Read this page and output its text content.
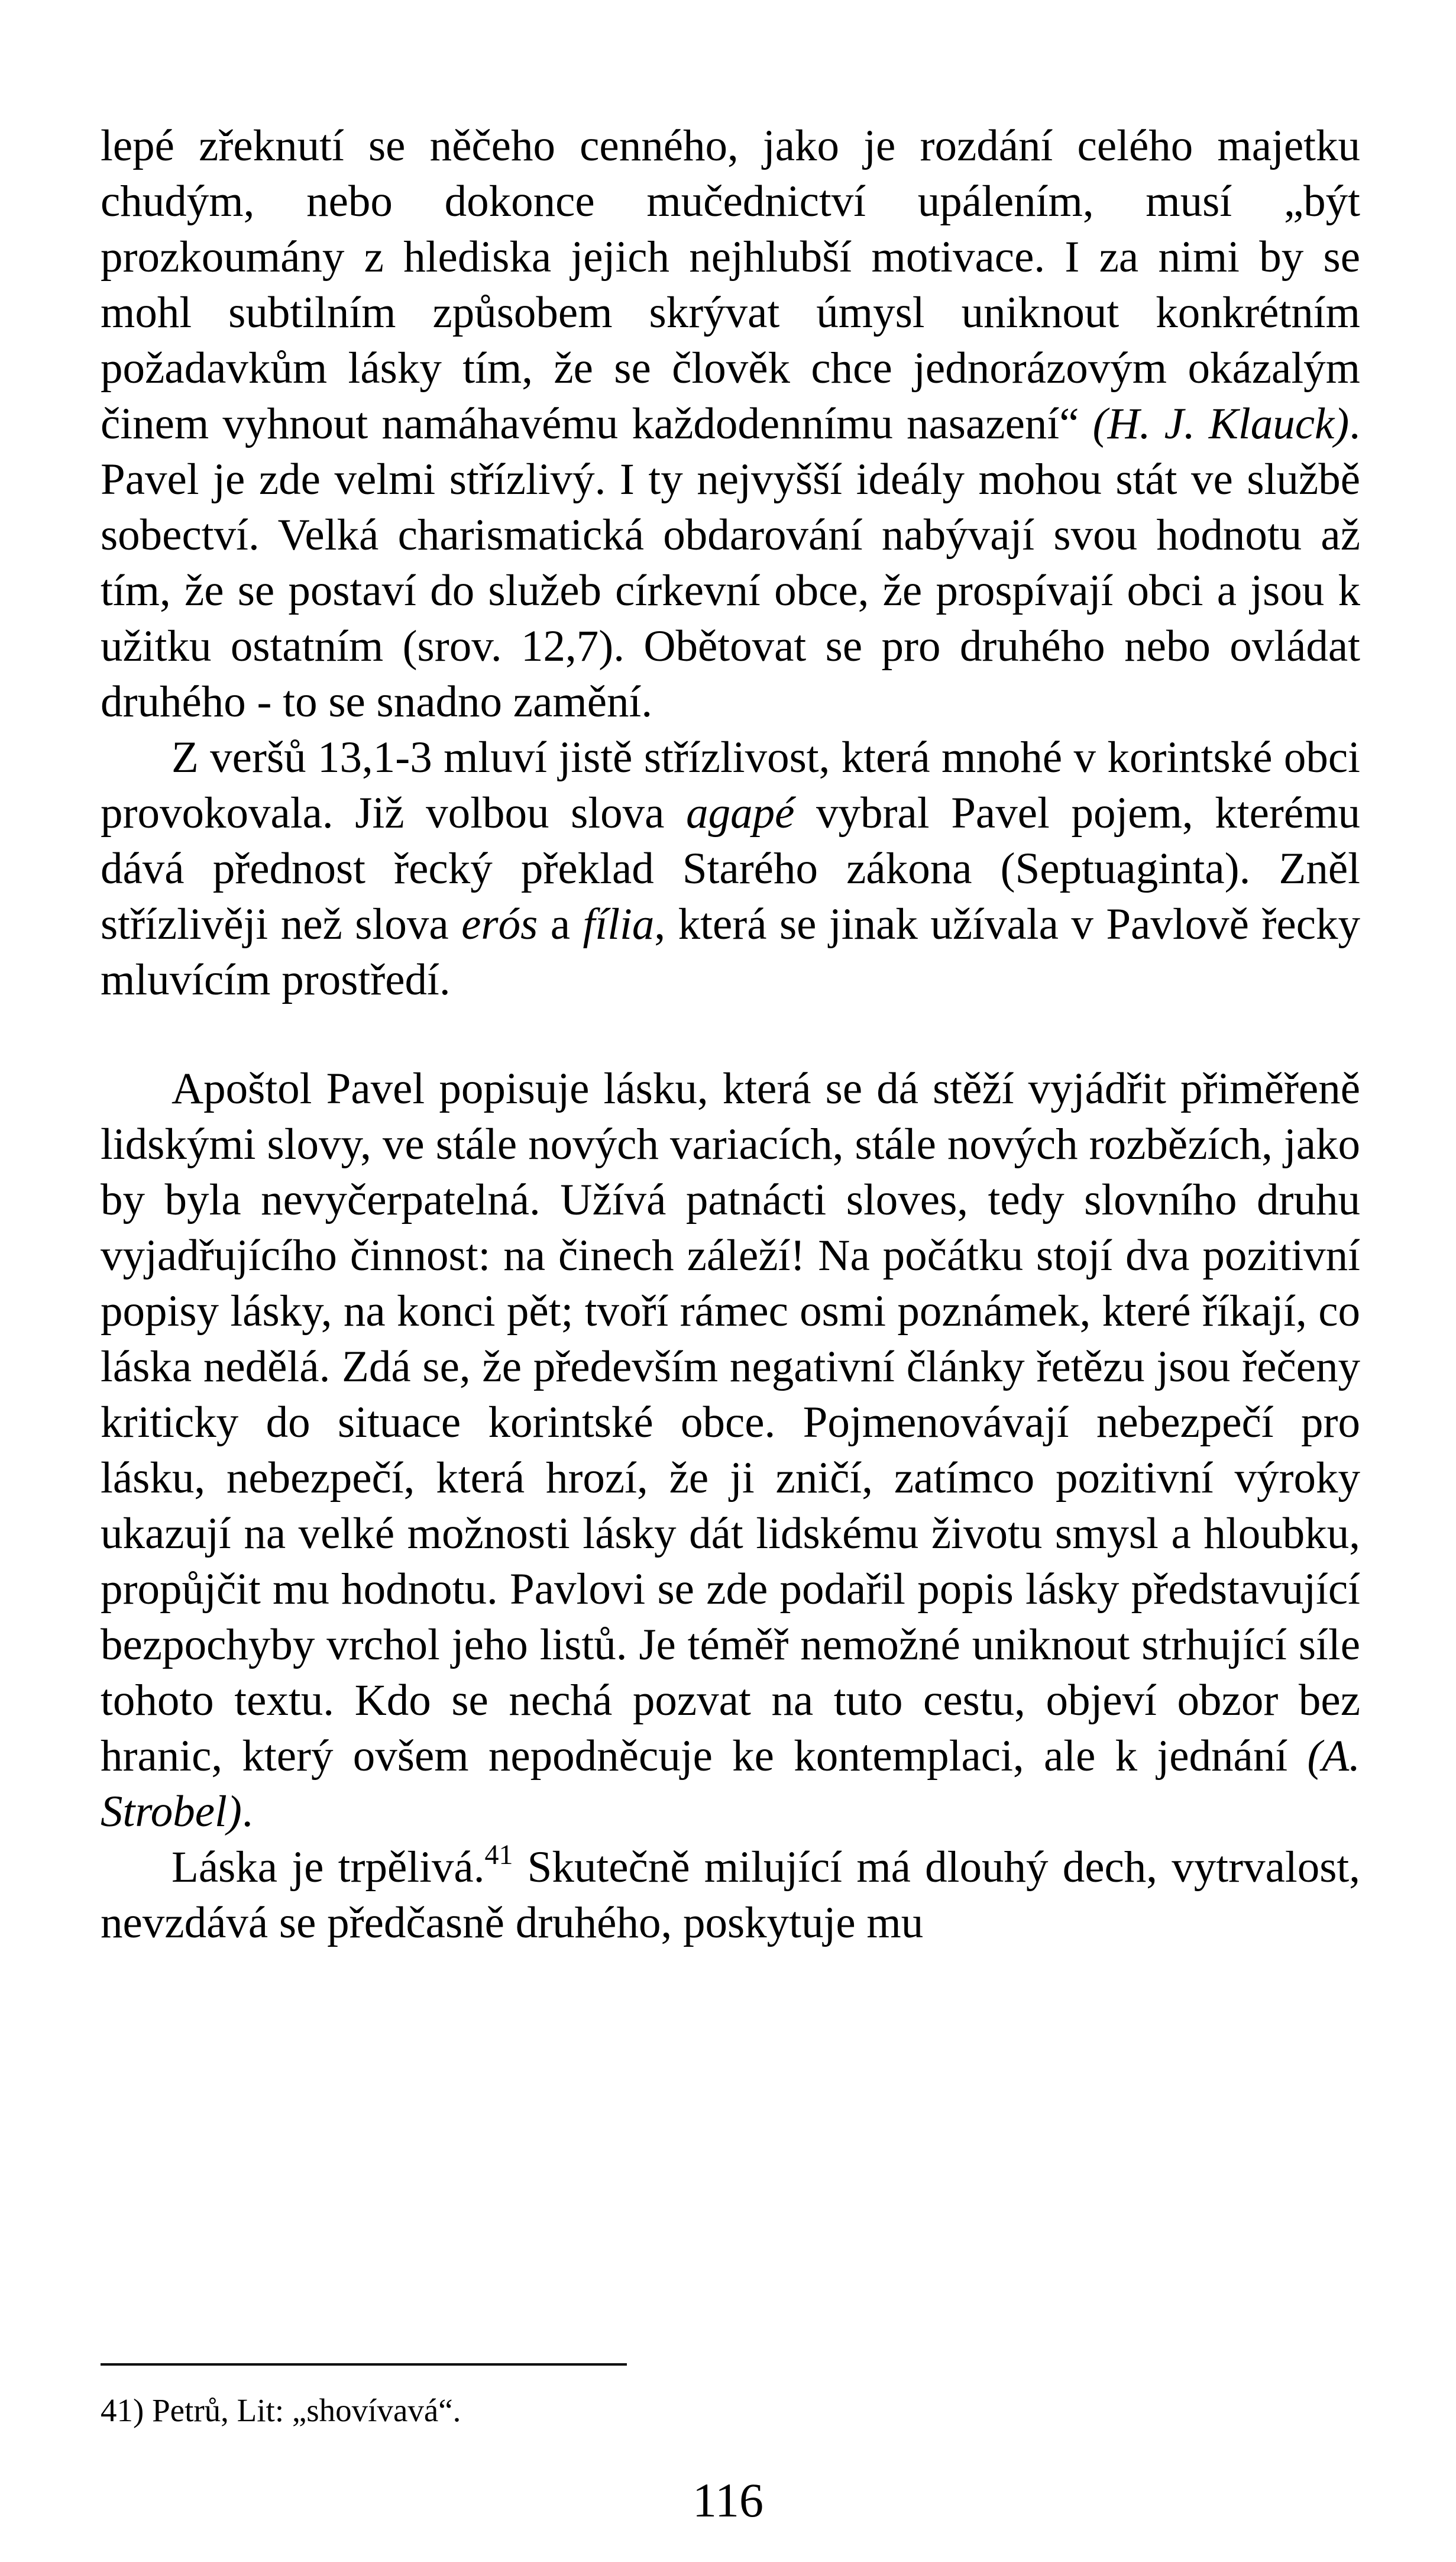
lepé zřeknutí se něčeho cenného, jako je rozdání celého majetku chudým, nebo dokonce mučednictví upálením, musí „být prozkoumány z hlediska jejich nejhlubší motivace. I za nimi by se mohl subtilním způsobem skrývat úmysl uniknout konkrétním požadavkům lásky tím, že se člověk chce jednorázovým okázalým činem vyhnout namáhavému každodennímu nasazení“ (H. J. Klauck). Pavel je zde velmi střízlivý. I ty nejvyšší ideály mohou stát ve službě sobectví. Velká charismatická obdarování nabývají svou hodnotu až tím, že se postaví do služeb církevní obce, že prospívají obci a jsou k užitku ostatním (srov. 12,7). Obětovat se pro druhého nebo ovládat druhého - to se snadno zamění.

Z veršů 13,1-3 mluví jistě střízlivost, která mnohé v korintské obci provokovala. Již volbou slova agapé vybral Pavel pojem, kterému dává přednost řecký překlad Starého zákona (Septuaginta). Zněl střízlivěji než slova erós a fília, která se jinak užívala v Pavlově řecky mluvícím prostředí.

Apoštol Pavel popisuje lásku, která se dá stěží vyjádřit přiměřeně lidskými slovy, ve stále nových variacích, stále nových rozbězích, jako by byla nevyčerpatelná. Užívá patnácti sloves, tedy slovního druhu vyjadřujícího činnost: na činech záleží! Na počátku stojí dva pozitivní popisy lásky, na konci pět; tvoří rámec osmi poznámek, které říkají, co láska nedělá. Zdá se, že především negativní články řetězu jsou řečeny kriticky do situace korintské obce. Pojmenovávají nebezpečí pro lásku, nebezpečí, která hrozí, že ji zničí, zatímco pozitivní výroky ukazují na velké možnosti lásky dát lidskému životu smysl a hloubku, propůjčit mu hodnotu. Pavlovi se zde podařil popis lásky představující bezpochyby vrchol jeho listů. Je téměř nemožné uniknout strhující síle tohoto textu. Kdo se nechá pozvat na tuto cestu, objeví obzor bez hranic, který ovšem nepodněcuje ke kontemplaci, ale k jednání (A. Strobel).

Láska je trpělivá.$^{41}$ Skutečně milující má dlouhý dech, vytrvalost, nevzdává se předčasně druhého, poskytuje mu

41) Petrů, Lit: „shovívavá“.
116
